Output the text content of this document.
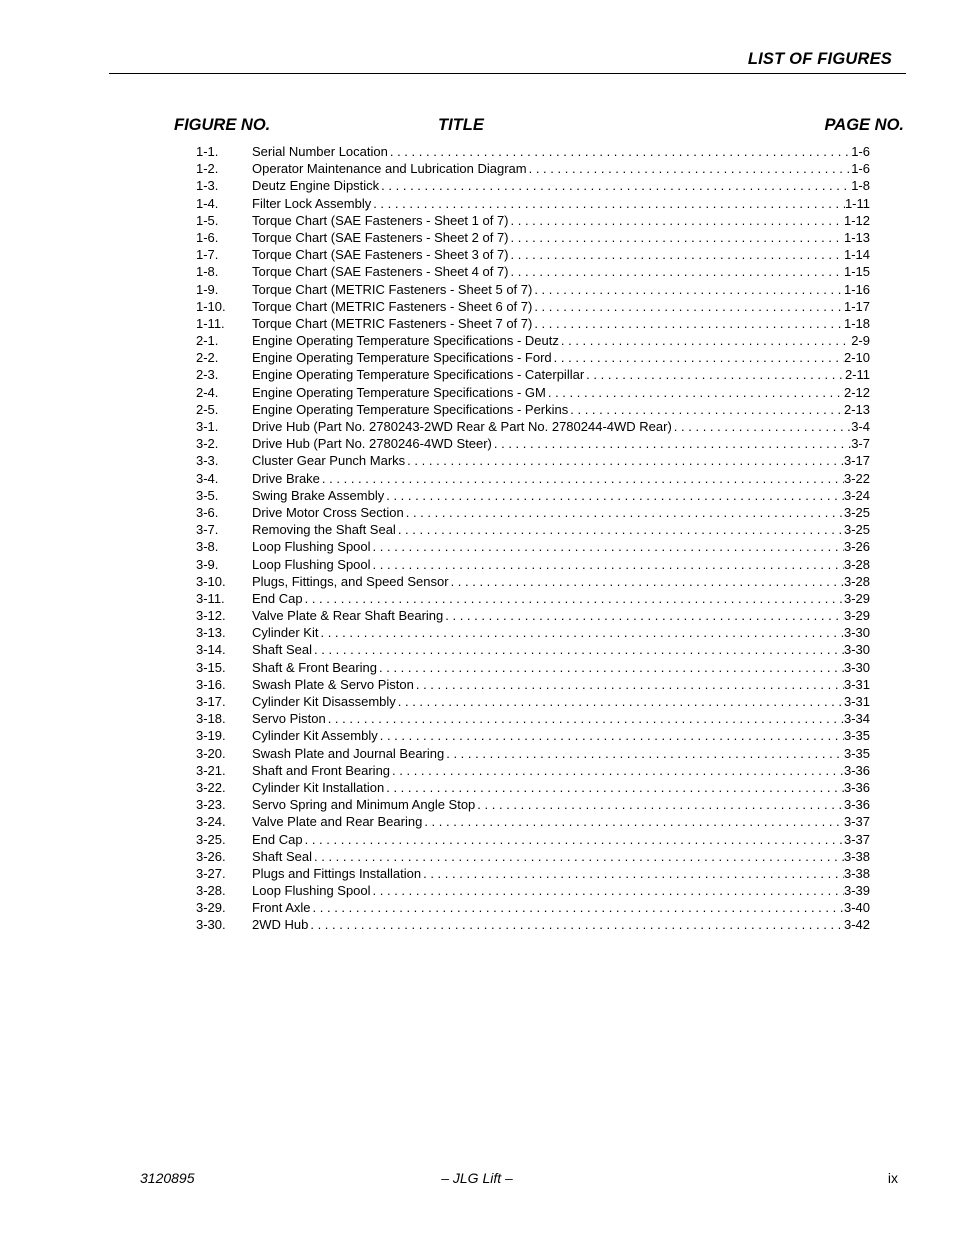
LIST OF FIGURES
FIGURE NO.	TITLE	PAGE NO.
1-1.	Serial Number Location . . .	1-6
1-2.	Operator Maintenance and Lubrication Diagram . . .	1-6
1-3.	Deutz Engine Dipstick . . .	1-8
1-4.	Filter Lock Assembly . . .	1-11
1-5.	Torque Chart (SAE Fasteners - Sheet 1 of 7) . . .	1-12
1-6.	Torque Chart (SAE Fasteners - Sheet 2 of 7) . . .	1-13
1-7.	Torque Chart (SAE Fasteners - Sheet 3 of 7) . . .	1-14
1-8.	Torque Chart (SAE Fasteners - Sheet 4 of 7) . . .	1-15
1-9.	Torque Chart (METRIC Fasteners - Sheet 5 of 7) . . .	1-16
1-10.	Torque Chart (METRIC Fasteners - Sheet 6 of 7) . . .	1-17
1-11.	Torque Chart (METRIC Fasteners - Sheet 7 of 7) . . .	1-18
2-1.	Engine Operating Temperature Specifications - Deutz . . .	2-9
2-2.	Engine Operating Temperature Specifications - Ford . . .	2-10
2-3.	Engine Operating Temperature Specifications - Caterpillar . . .	2-11
2-4.	Engine Operating Temperature Specifications - GM . . .	2-12
2-5.	Engine Operating Temperature Specifications - Perkins . . .	2-13
3-1.	Drive Hub (Part No. 2780243-2WD Rear & Part No. 2780244-4WD Rear) . . .	3-4
3-2.	Drive Hub (Part No. 2780246-4WD Steer) . . .	3-7
3-3.	Cluster Gear Punch Marks . . .	3-17
3-4.	Drive Brake . . .	3-22
3-5.	Swing Brake Assembly . . .	3-24
3-6.	Drive Motor Cross Section . . .	3-25
3-7.	Removing the Shaft Seal . . .	3-25
3-8.	Loop Flushing Spool . . .	3-26
3-9.	Loop Flushing Spool . . .	3-28
3-10.	Plugs, Fittings, and Speed Sensor . . .	3-28
3-11.	End Cap . . .	3-29
3-12.	Valve Plate & Rear Shaft Bearing . . .	3-29
3-13.	Cylinder Kit . . .	3-30
3-14.	Shaft Seal . . .	3-30
3-15.	Shaft & Front Bearing . . .	3-30
3-16.	Swash Plate & Servo Piston . . .	3-31
3-17.	Cylinder Kit Disassembly . . .	3-31
3-18.	Servo Piston . . .	3-34
3-19.	Cylinder Kit Assembly . . .	3-35
3-20.	Swash Plate and Journal Bearing . . .	3-35
3-21.	Shaft and Front Bearing . . .	3-36
3-22.	Cylinder Kit Installation . . .	3-36
3-23.	Servo Spring and Minimum Angle Stop . . .	3-36
3-24.	Valve Plate and Rear Bearing . . .	3-37
3-25.	End Cap . . .	3-37
3-26.	Shaft Seal . . .	3-38
3-27.	Plugs and Fittings Installation . . .	3-38
3-28.	Loop Flushing Spool . . .	3-39
3-29.	Front Axle . . .	3-40
3-30.	2WD Hub . . .	3-42
3120895	– JLG Lift –	ix
